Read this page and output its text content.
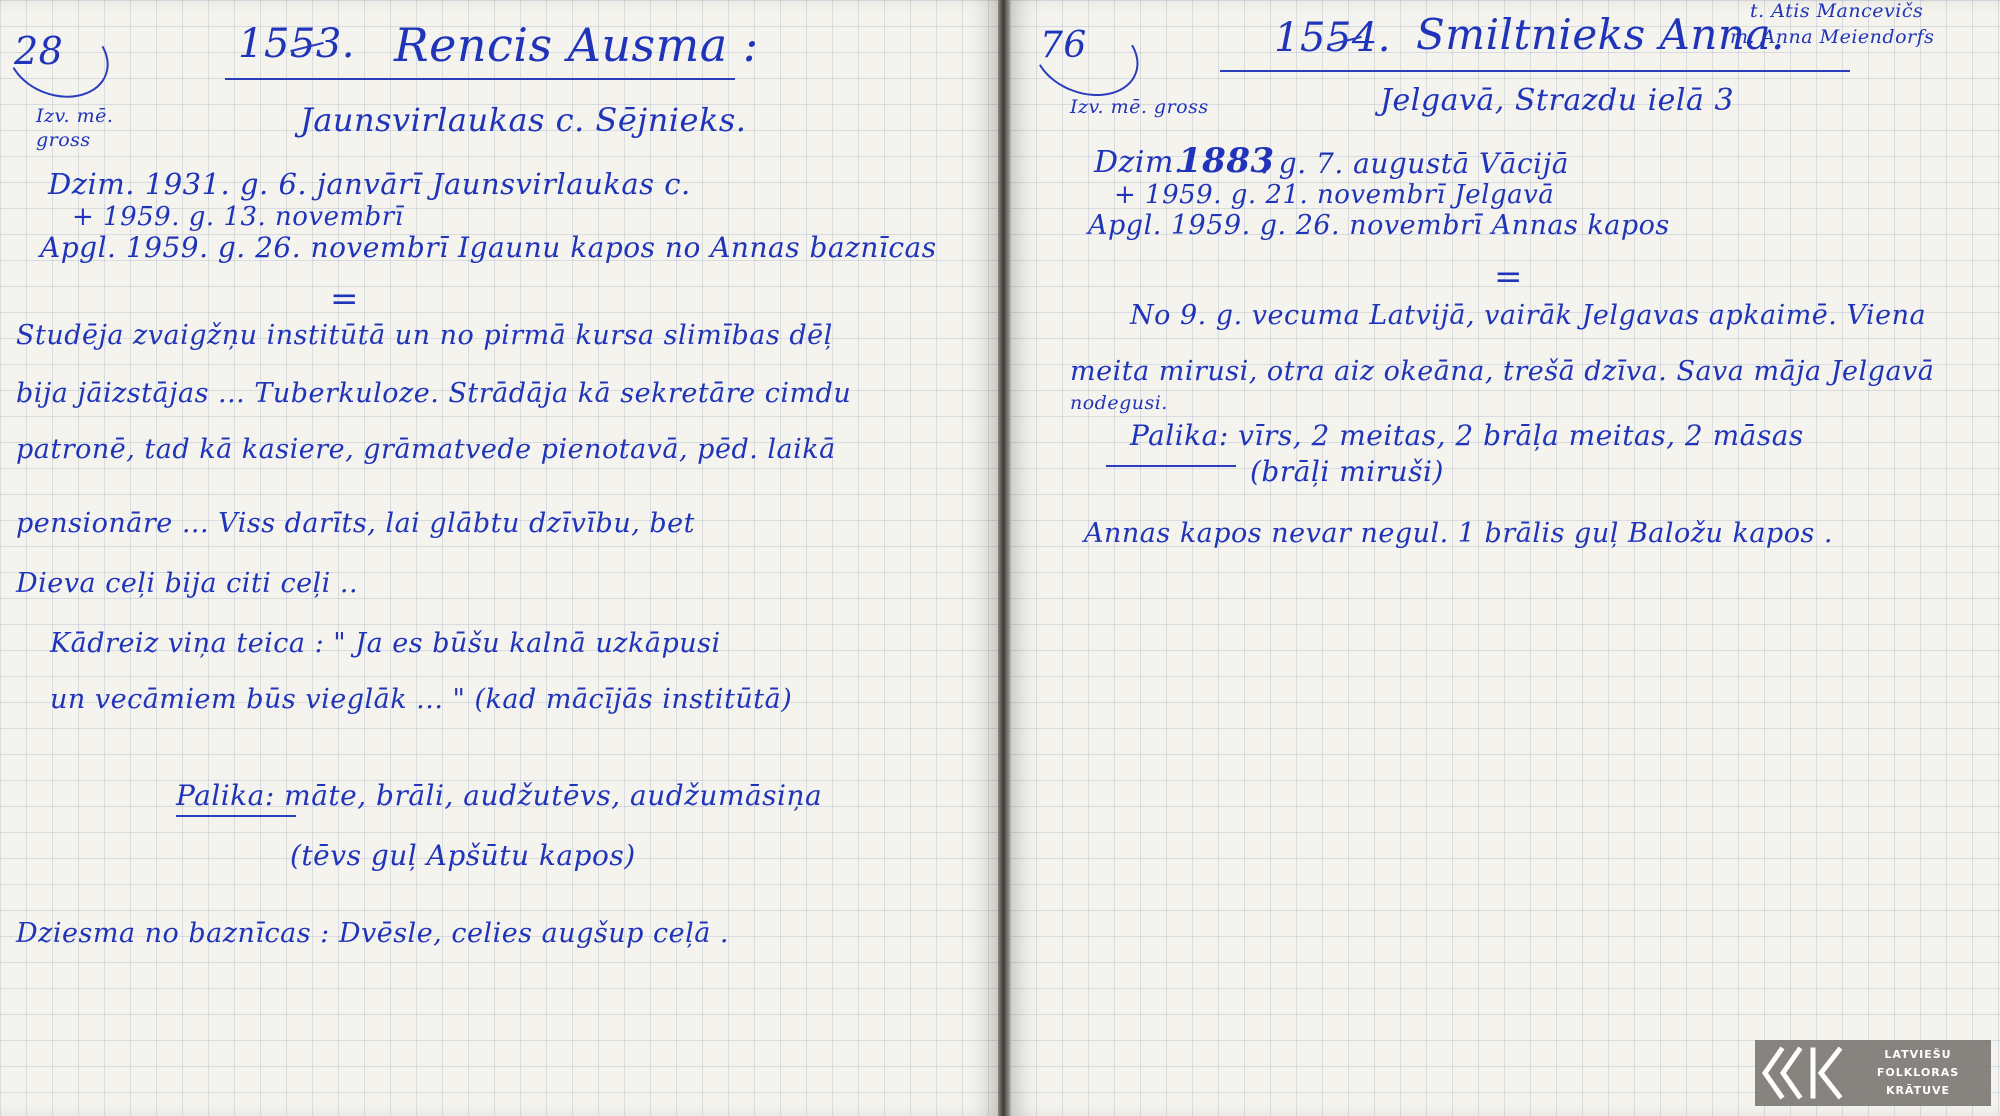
28	1553. Rencis Ausma :
Izv. mē. gross
Jaunsvirlaukas c. Sējnieks.
Dzim. 1931. g. 6. janvārī Jaunsvirlaukas c.
+ 1959. g. 13. novembrī
Apgl. 1959. g. 26. novembrī Igaunu kapos no Annas baznīcas
=
Studēja zvaigžņu institūtā un no pirmā kursa slimības dēļ
bija jāizstājas ... Tuberkuloze. Strādāja kā sekretāre cimdu
patronē, tad kā kasiere, grāmatvede pienotavā, pēd. laikā
pensionāre ... Viss darīts, lai glābtu dzīvību, bet
Dieva ceļi bija citi ceļi ..
Kādreiz viņa teica : " Ja es būšu kalnā uzkāpusi
un vecāmiem būs vieglāk ... " (kad mācījās institūtā)
Palika: māte, brāli, audžutēvs, audžumāsiņa
(tēvs guļ Apšūtu kapos)
Dziesma no baznīcas : Dvēsle, celies augšup ceļā .
76	1554. Smiltnieks Anna.
t. Atis Mancevičs
m. Anna Meiendorfs
Izv. mē. gross	Jelgavā, Strazdu ielā 3
Dzim.
1883
. g. 7. augustā Vācijā
+ 1959. g. 21. novembrī Jelgavā
Apgl. 1959. g. 26. novembrī Annas kapos
=
No 9. g. vecuma Latvijā, vairāk Jelgavas apkaimē. Viena
meita mirusi, otra aiz okeāna, trešā dzīva. Sava māja Jelgavā
nodegusi.
Palika: vīrs, 2 meitas, 2 brāļa meitas, 2 māsas
(brāļi miruši)
Annas kapos nevar negul. 1 brālis guļ Baložu kapos .
LATVIEŠU
FOLKLORAS
KRĀTUVE
